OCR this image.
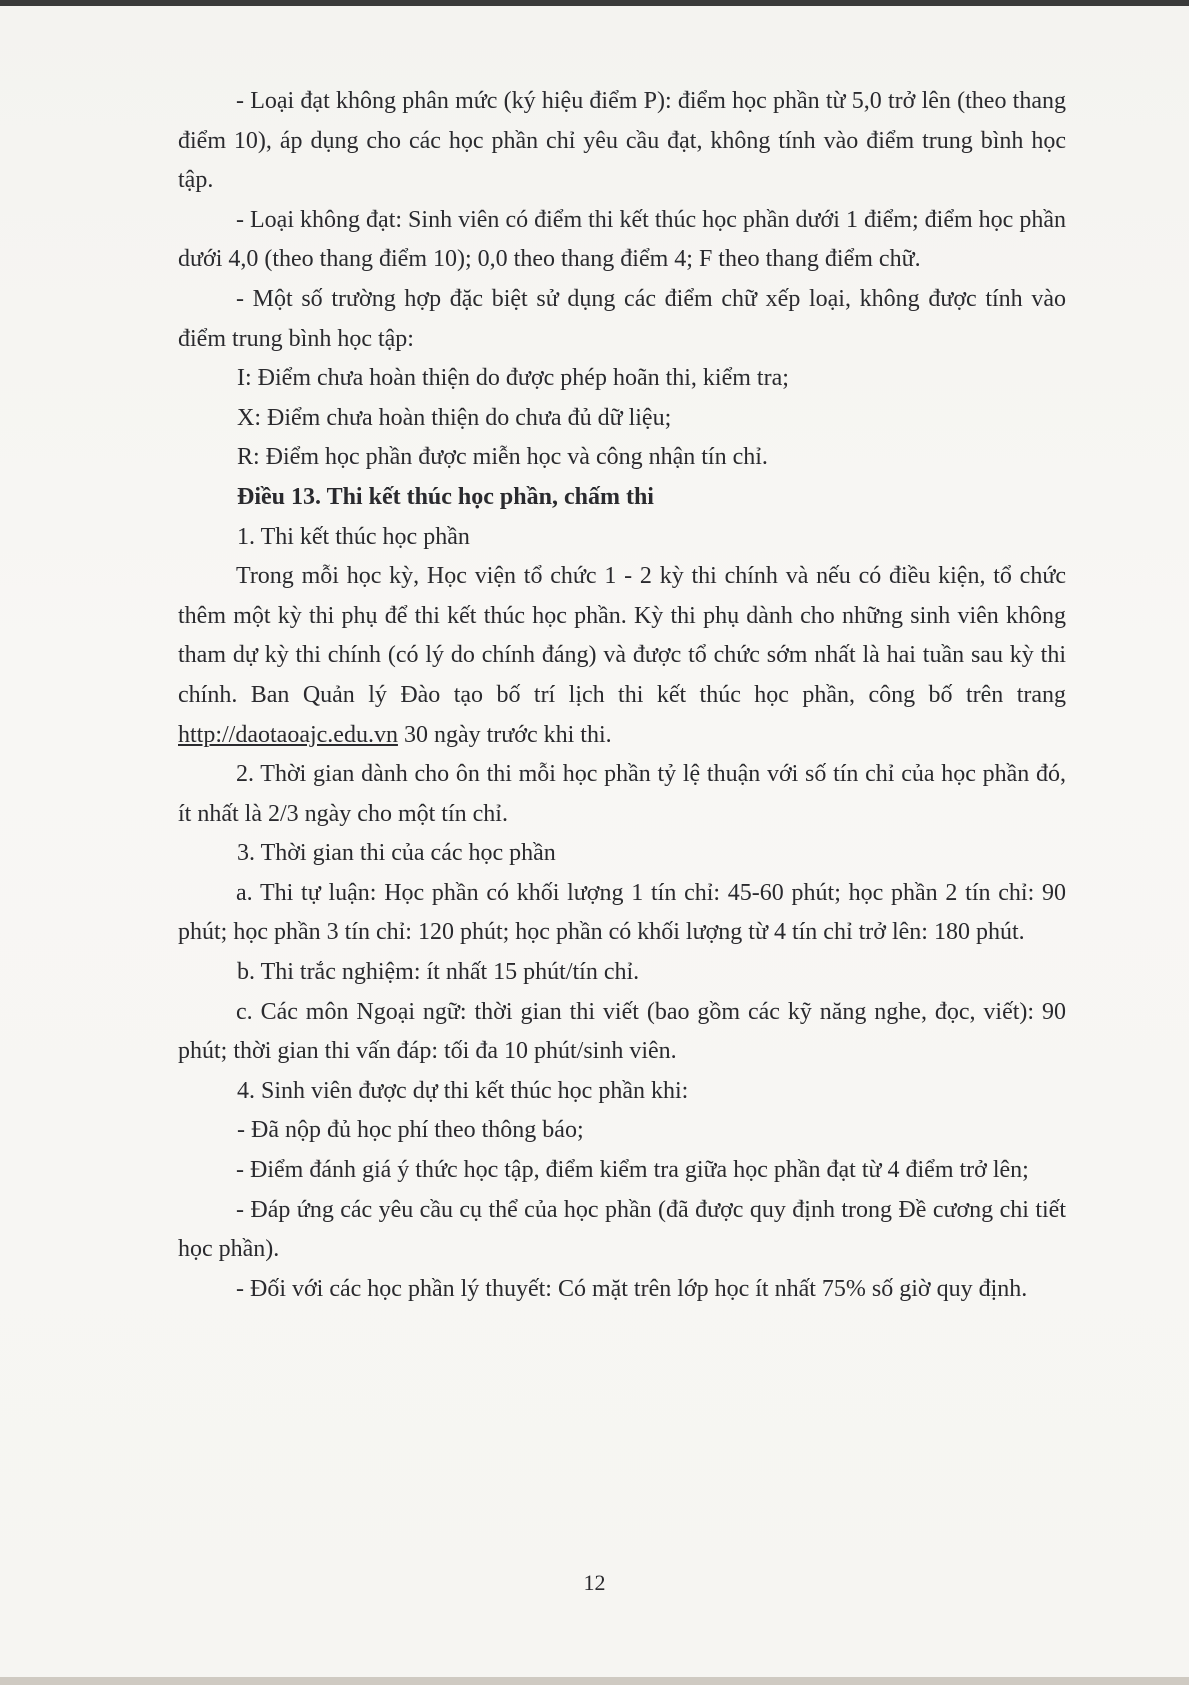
- Loại đạt không phân mức (ký hiệu điểm P): điểm học phần từ 5,0 trở lên (theo thang điểm 10), áp dụng cho các học phần chỉ yêu cầu đạt, không tính vào điểm trung bình học tập.

- Loại không đạt: Sinh viên có điểm thi kết thúc học phần dưới 1 điểm; điểm học phần dưới 4,0 (theo thang điểm 10); 0,0 theo thang điểm 4; F theo thang điểm chữ.

- Một số trường hợp đặc biệt sử dụng các điểm chữ xếp loại, không được tính vào điểm trung bình học tập:

I: Điểm chưa hoàn thiện do được phép hoãn thi, kiểm tra;

X: Điểm chưa hoàn thiện do chưa đủ dữ liệu;

R: Điểm học phần được miễn học và công nhận tín chỉ.

Điều 13. Thi kết thúc học phần, chấm thi

1. Thi kết thúc học phần

Trong mỗi học kỳ, Học viện tổ chức 1 - 2 kỳ thi chính và nếu có điều kiện, tổ chức thêm một kỳ thi phụ để thi kết thúc học phần. Kỳ thi phụ dành cho những sinh viên không tham dự kỳ thi chính (có lý do chính đáng) và được tổ chức sớm nhất là hai tuần sau kỳ thi chính. Ban Quản lý Đào tạo bố trí lịch thi kết thúc học phần, công bố trên trang http://daotaoajc.edu.vn 30 ngày trước khi thi.

2. Thời gian dành cho ôn thi mỗi học phần tỷ lệ thuận với số tín chỉ của học phần đó, ít nhất là 2/3 ngày cho một tín chỉ.

3. Thời gian thi của các học phần

a. Thi tự luận: Học phần có khối lượng 1 tín chỉ: 45-60 phút; học phần 2 tín chỉ: 90 phút; học phần 3 tín chỉ: 120 phút; học phần có khối lượng từ 4 tín chỉ trở lên: 180 phút.

b. Thi trắc nghiệm: ít nhất 15 phút/tín chỉ.

c. Các môn Ngoại ngữ: thời gian thi viết (bao gồm các kỹ năng nghe, đọc, viết): 90 phút; thời gian thi vấn đáp: tối đa 10 phút/sinh viên.

4. Sinh viên được dự thi kết thúc học phần khi:

- Đã nộp đủ học phí theo thông báo;

- Điểm đánh giá ý thức học tập, điểm kiểm tra giữa học phần đạt từ 4 điểm trở lên;

- Đáp ứng các yêu cầu cụ thể của học phần (đã được quy định trong Đề cương chi tiết học phần).

- Đối với các học phần lý thuyết: Có mặt trên lớp học ít nhất 75% số giờ quy định.

12
